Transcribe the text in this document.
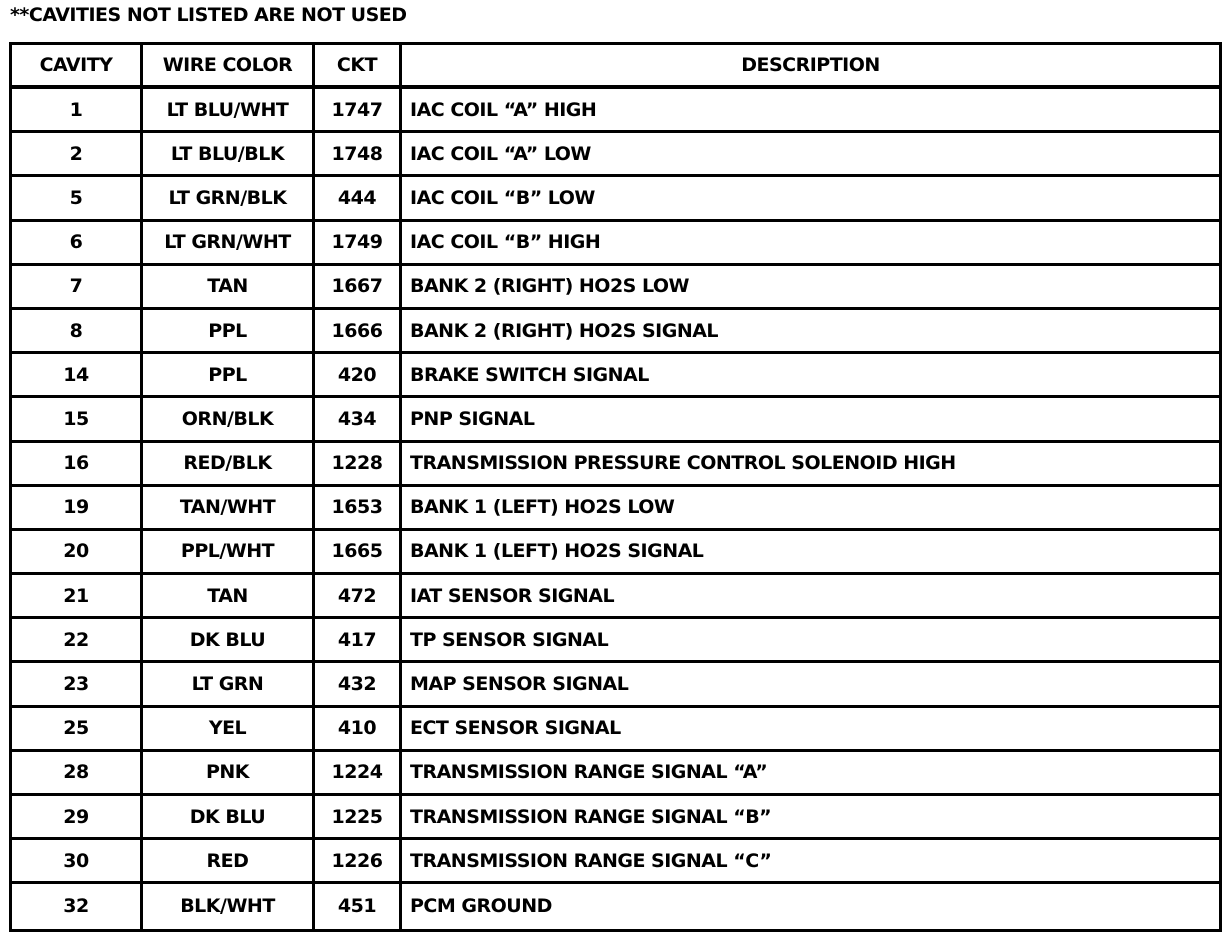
**CAVITIES NOT LISTED ARE NOT USED
CAVITY	WIRE COLOR	CKT	DESCRIPTION
1	LT BLU/WHT	1747	IAC COIL “A” HIGH
2	LT BLU/BLK	1748	IAC COIL “A” LOW
5	LT GRN/BLK	444	IAC COIL “B” LOW
6	LT GRN/WHT	1749	IAC COIL “B” HIGH
7	TAN	1667	BANK 2 (RIGHT) HO2S LOW
8	PPL	1666	BANK 2 (RIGHT) HO2S SIGNAL
14	PPL	420	BRAKE SWITCH SIGNAL
15	ORN/BLK	434	PNP SIGNAL
16	RED/BLK	1228	TRANSMISSION PRESSURE CONTROL SOLENOID HIGH
19	TAN/WHT	1653	BANK 1 (LEFT) HO2S LOW
20	PPL/WHT	1665	BANK 1 (LEFT) HO2S SIGNAL
21	TAN	472	IAT SENSOR SIGNAL
22	DK BLU	417	TP SENSOR SIGNAL
23	LT GRN	432	MAP SENSOR SIGNAL
25	YEL	410	ECT SENSOR SIGNAL
28	PNK	1224	TRANSMISSION RANGE SIGNAL “A”
29	DK BLU	1225	TRANSMISSION RANGE SIGNAL “B”
30	RED	1226	TRANSMISSION RANGE SIGNAL “C”
32	BLK/WHT	451	PCM GROUND
